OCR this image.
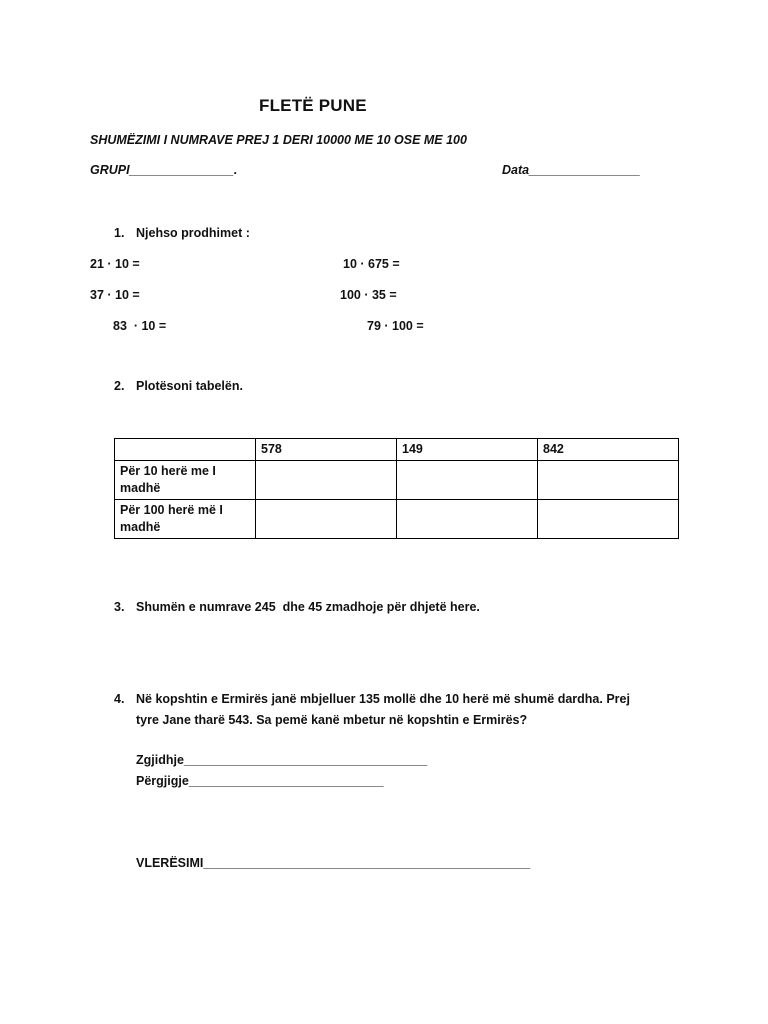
FLETË PUNE
SHUMËZIMI I NUMRAVE PREJ 1 DERI 10000 ME 10 OSE ME 100
GRUPI_______________.	Data________________
1. Njehso prodhimet :
21 · 10 =	10 · 675 =
37 · 10 =	100 · 35 =
83  · 10 =	79 · 100 =
2. Plotësoni tabelën.
	578	149	842
Për 10 herë me I madhë			
Për 100 herë më I madhë			
3. Shumën e numrave 245  dhe 45 zmadhoje për dhjetë here.
4. Në kopshtin e Ermirës janë mbjelluer 135 mollë dhe 10 herë më shumë dardha. Prej
tyre Jane tharë 543. Sa pemë kanë mbetur në kopshtin e Ermirës?
Zgjidhje___________________________________
Përgjigje____________________________
VLERËSIMI_______________________________________________
